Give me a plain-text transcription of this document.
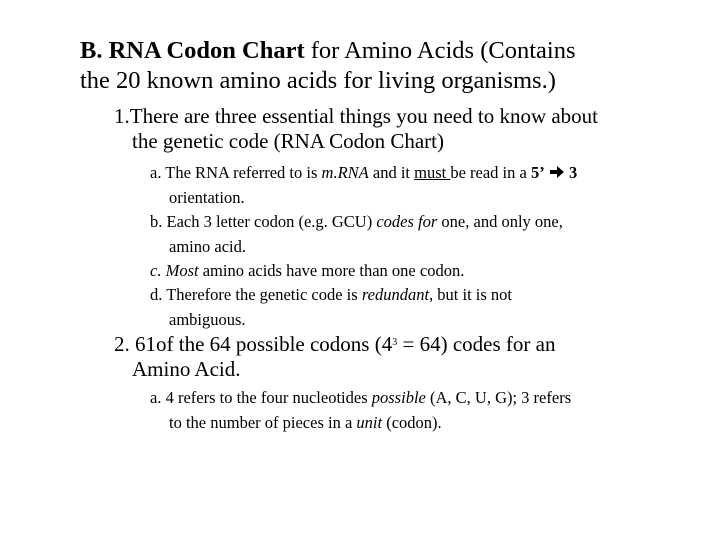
B. RNA Codon Chart for Amino Acids (Contains
the 20 known amino acids for living organisms.)
1.There are three essential things you need to know about
the genetic code (RNA Codon Chart)
a. The RNA referred to is m.RNA and it must be read in a 5’  3
orientation.
b. Each 3 letter codon (e.g. GCU) codes for one, and only one,
amino acid.
c. Most amino acids have more than one codon.
d. Therefore the genetic code is redundant, but it is not
ambiguous.
2. 61of the 64 possible codons $(4^3 = 64)$ codes for an
Amino Acid.
a. 4 refers to the four nucleotides possible (A, C, U, G); 3 refers
to the number of pieces in a unit (codon).
